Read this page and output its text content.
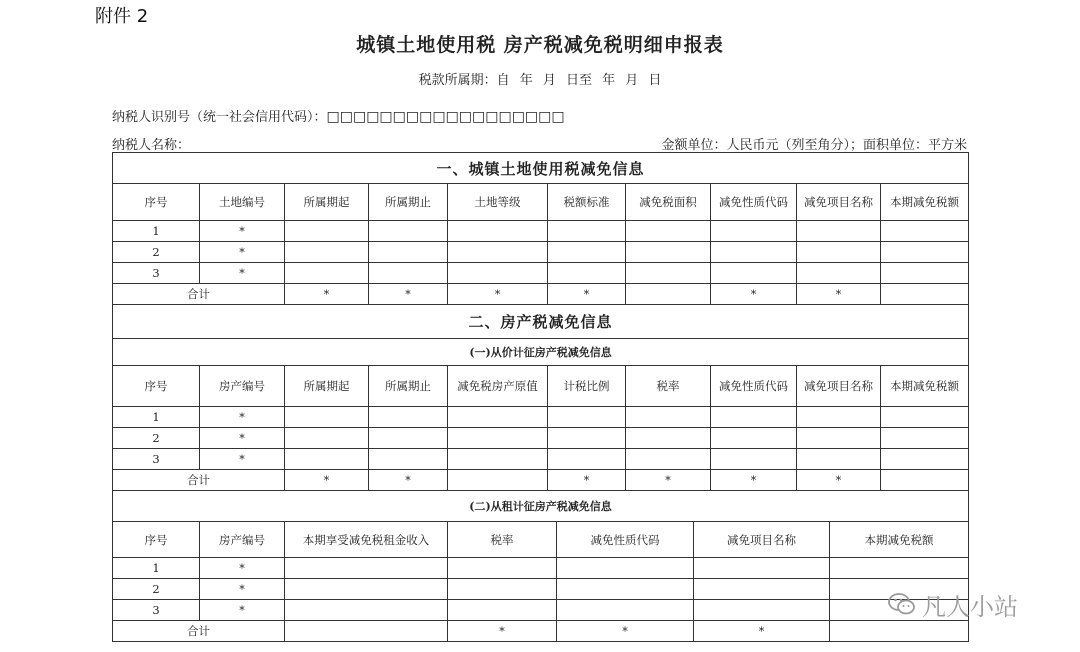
附件 2
城镇土地使用税 房产税减免税明细申报表
税款所属期：自 年 月 日至 年 月 日
纳税人识别号（统一社会信用代码）：□□□□□□□□□□□□□□□□□□
纳税人名称：	金额单位：人民币元（列至角分）；面积单位：平方米
一、城镇土地使用税减免信息									
序号	土地编号	所属期起	所属期止	土地等级	税额标准	减免税面积	减免性质代码	减免项目名称	本期减免税额
1	*								
2	*								
3	*								
合计		*	*	*	*		*	*	
二、房产税减免信息									
(一)从价计征房产税减免信息									
序号	房产编号	所属期起	所属期止	减免税房产原值	计税比例	税率	减免性质代码	减免项目名称	本期减免税额
1	*								
2	*								
3	*								
合计		*	*		*	*	*	*	
(二)从租计征房产税减免信息						
序号	房产编号	本期享受减免税租金收入	税率	减免性质代码	减免项目名称	本期减免税额
1	*					
2	*					
3	*					
合计			*	*	*	
凡人小站
